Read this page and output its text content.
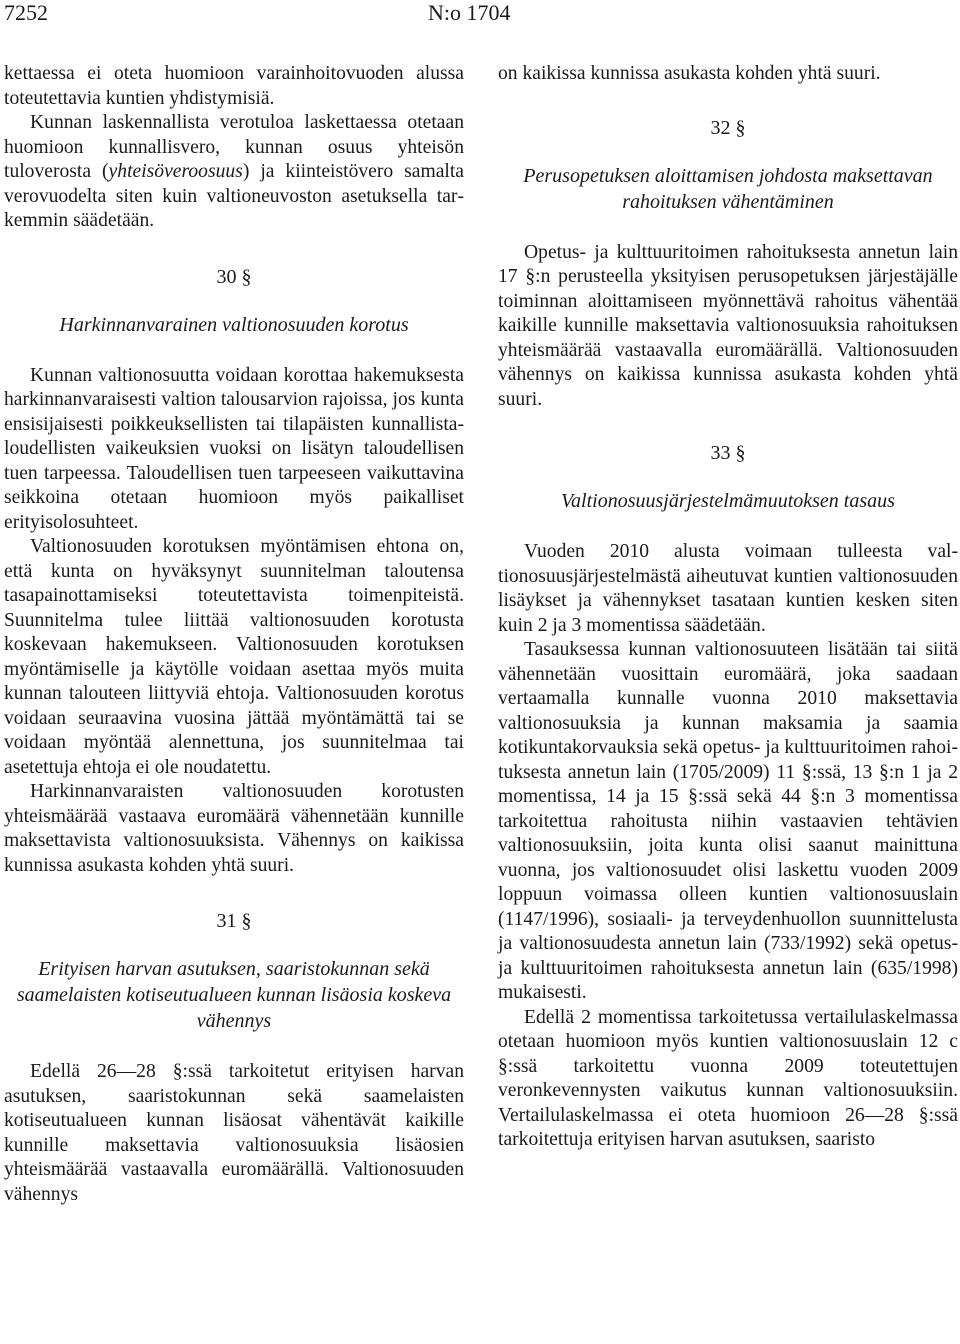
7252	N:o 1704

kettaessa ei oteta huomioon varainhoitovuoden alussa toteutettavia kuntien yhdistymisiä.

Kunnan laskennallista verotuloa laskettaessa otetaan huomioon kunnallisvero, kunnan osuus yhteisön tuloverosta (yhteisöveroosuus) ja kiinteistövero samalta verovuodelta siten kuin valtioneuvoston asetuksella tarkemmin säädetään.

30 §
Harkinnanvarainen valtionosuuden korotus

Kunnan valtionosuutta voidaan korottaa hakemuksesta harkinnanvaraisesti valtion talousarvion rajoissa, jos kunta ensisijaisesti poikkeuksellisten tai tilapäisten kunnallistaloudellisten vaikeuksien vuoksi on lisätyn taloudellisen tuen tarpeessa. Taloudellisen tuen tarpeeseen vaikuttavina seikkoina otetaan huomioon myös paikalliset erityisolosuhteet.

Valtionosuuden korotuksen myöntämisen ehtona on, että kunta on hyväksynyt suunnitelman taloutensa tasapainottamiseksi toteutettavista toimenpiteistä. Suunnitelma tulee liittää valtionosuuden korotusta koskevaan hakemukseen. Valtionosuuden korotuksen myöntämiselle ja käytölle voidaan asettaa myös muita kunnan talouteen liittyviä ehtoja. Valtionosuuden korotus voidaan seuraavina vuosina jättää myöntämättä tai se voidaan myöntää alennettuna, jos suunnitelmaa tai asetettuja ehtoja ei ole noudatettu.

Harkinnanvaraisten valtionosuuden korotusten yhteismäärää vastaava euromäärä vähennetään kunnille maksettavista valtionosuuksista. Vähennys on kaikissa kunnissa asukasta kohden yhtä suuri.

31 §
Erityisen harvan asutuksen, saaristokunnan sekä saamelaisten kotiseutualueen kunnan lisäosia koskeva vähennys

Edellä 26—28 §:ssä tarkoitetut erityisen harvan asutuksen, saaristokunnan sekä saamelaisten kotiseutualueen kunnan lisäosat vähentävät kaikille kunnille maksettavia valtionosuuksia lisäosien yhteismäärää vastaavalla euromäärällä. Valtionosuuden vähennys

on kaikissa kunnissa asukasta kohden yhtä suuri.

32 §
Perusopetuksen aloittamisen johdosta maksettavan rahoituksen vähentäminen

Opetus- ja kulttuuritoimen rahoituksesta annetun lain 17 §:n perusteella yksityisen perusopetuksen järjestäjälle toiminnan aloittamiseen myönnettävä rahoitus vähentää kaikille kunnille maksettavia valtionosuuksia rahoituksen yhteismäärää vastaavalla euromäärällä. Valtionosuuden vähennys on kaikissa kunnissa asukasta kohden yhtä suuri.

33 §
Valtionosuusjärjestelmämuutoksen tasaus

Vuoden 2010 alusta voimaan tulleesta valtionosuusjärjestelmästä aiheutuvat kuntien valtionosuuden lisäykset ja vähennykset tasataan kuntien kesken siten kuin 2 ja 3 momentissa säädetään.

Tasauksessa kunnan valtionosuuteen lisätään tai siitä vähennetään vuosittain euromäärä, joka saadaan vertaamalla kunnalle vuonna 2010 maksettavia valtionosuuksia ja kunnan maksamia ja saamia kotikuntakorvauksia sekä opetus- ja kulttuuritoimen rahoituksesta annetun lain (1705/2009) 11 §:ssä, 13 §:n 1 ja 2 momentissa, 14 ja 15 §:ssä sekä 44 §:n 3 momentissa tarkoitettua rahoitusta niihin vastaavien tehtävien valtionosuuksiin, joita kunta olisi saanut mainittuna vuonna, jos valtionosuudet olisi laskettu vuoden 2009 loppuun voimassa olleen kuntien valtionosuuslain (1147/1996), sosiaali- ja terveydenhuollon suunnittelusta ja valtionosuudesta annetun lain (733/1992) sekä opetus- ja kulttuuritoimen rahoituksesta annetun lain (635/1998) mukaisesti.

Edellä 2 momentissa tarkoitetussa vertailulaskelmassa otetaan huomioon myös kuntien valtionosuuslain 12 c §:ssä tarkoitettu vuonna 2009 toteutettujen veronkevennysten vaikutus kunnan valtionosuuksiin. Vertailulaskelmassa ei oteta huomioon 26—28 §:ssä tarkoitettuja erityisen harvan asutuksen, saaristo
